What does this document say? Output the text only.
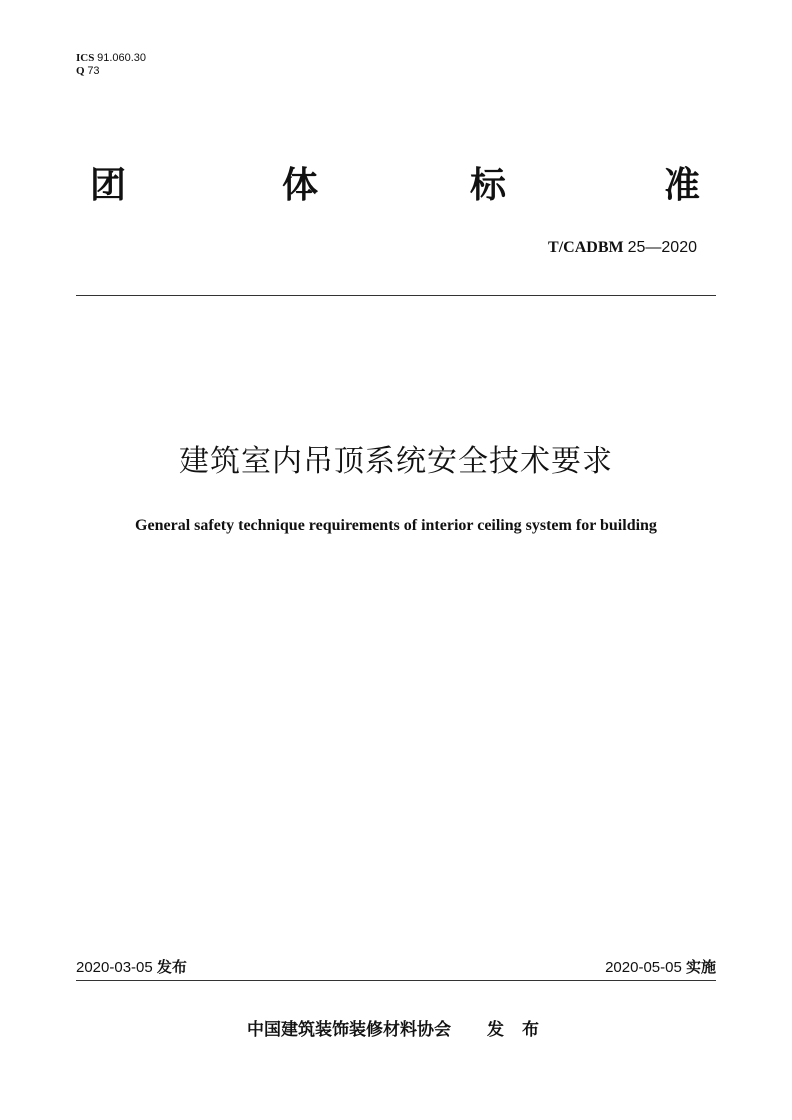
ICS 91.060.30
Q 73
团	体	标	准
T/CADBM 25—2020
建筑室内吊顶系统安全技术要求
General safety technique requirements of interior ceiling system for building
2020-03-05 发布	2020-05-05 实施
中国建筑装饰装修材料协会 发 布
